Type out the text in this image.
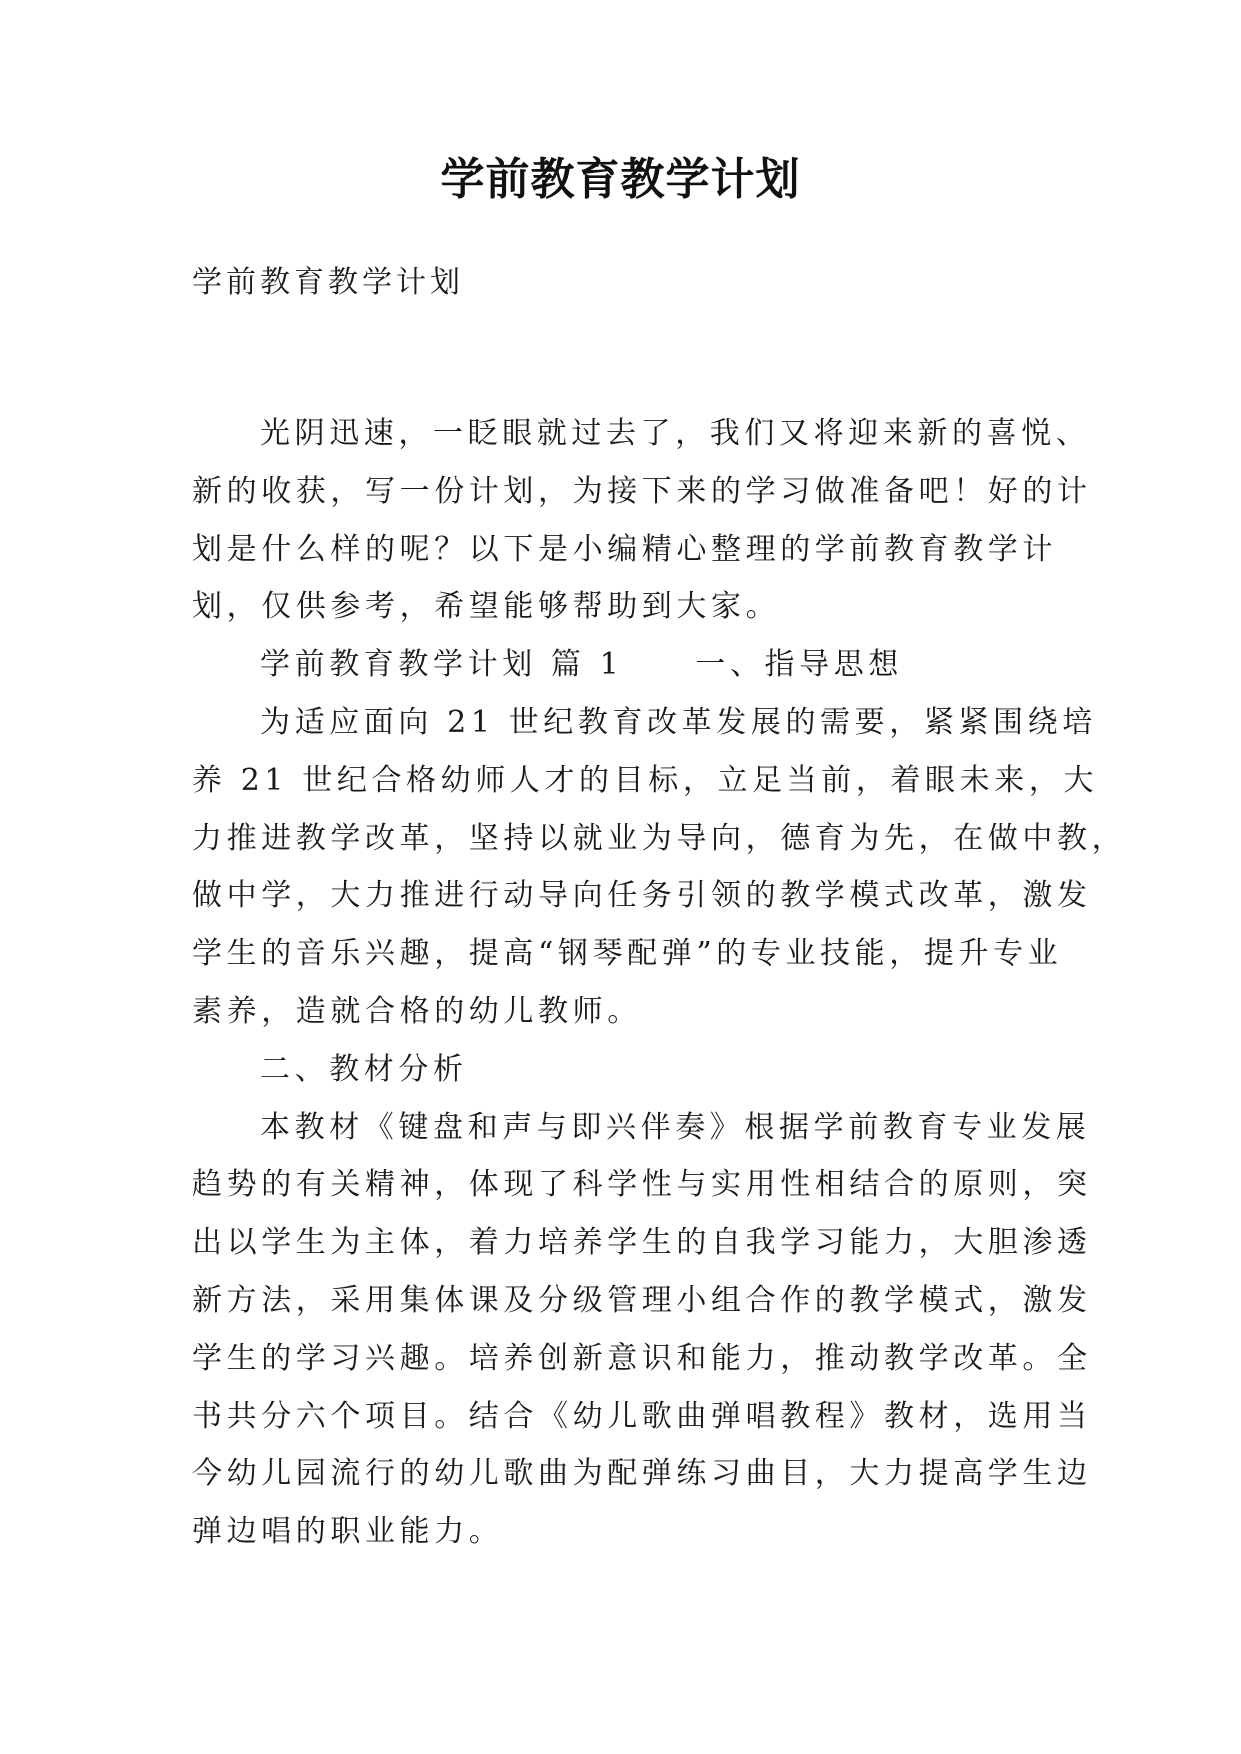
学前教育教学计划
学前教育教学计划
光阴迅速，一眨眼就过去了，我们又将迎来新的喜悦、
新的收获，写一份计划，为接下来的学习做准备吧！好的计
划是什么样的呢？以下是小编精心整理的学前教育教学计
划，仅供参考，希望能够帮助到大家。
学前教育教学计划 篇 1 一、指导思想
为适应面向 21 世纪教育改革发展的需要，紧紧围绕培
养 21 世纪合格幼师人才的目标，立足当前，着眼未来，大
力推进教学改革，坚持以就业为导向，德育为先，在做中教，
做中学，大力推进行动导向任务引领的教学模式改革，激发
学生的音乐兴趣，提高“钢琴配弹”的专业技能，提升专业
素养，造就合格的幼儿教师。
二、教材分析
本教材《键盘和声与即兴伴奏》根据学前教育专业发展
趋势的有关精神，体现了科学性与实用性相结合的原则，突
出以学生为主体，着力培养学生的自我学习能力，大胆渗透
新方法，采用集体课及分级管理小组合作的教学模式，激发
学生的学习兴趣。培养创新意识和能力，推动教学改革。全
书共分六个项目。结合《幼儿歌曲弹唱教程》教材，选用当
今幼儿园流行的幼儿歌曲为配弹练习曲目，大力提高学生边
弹边唱的职业能力。
